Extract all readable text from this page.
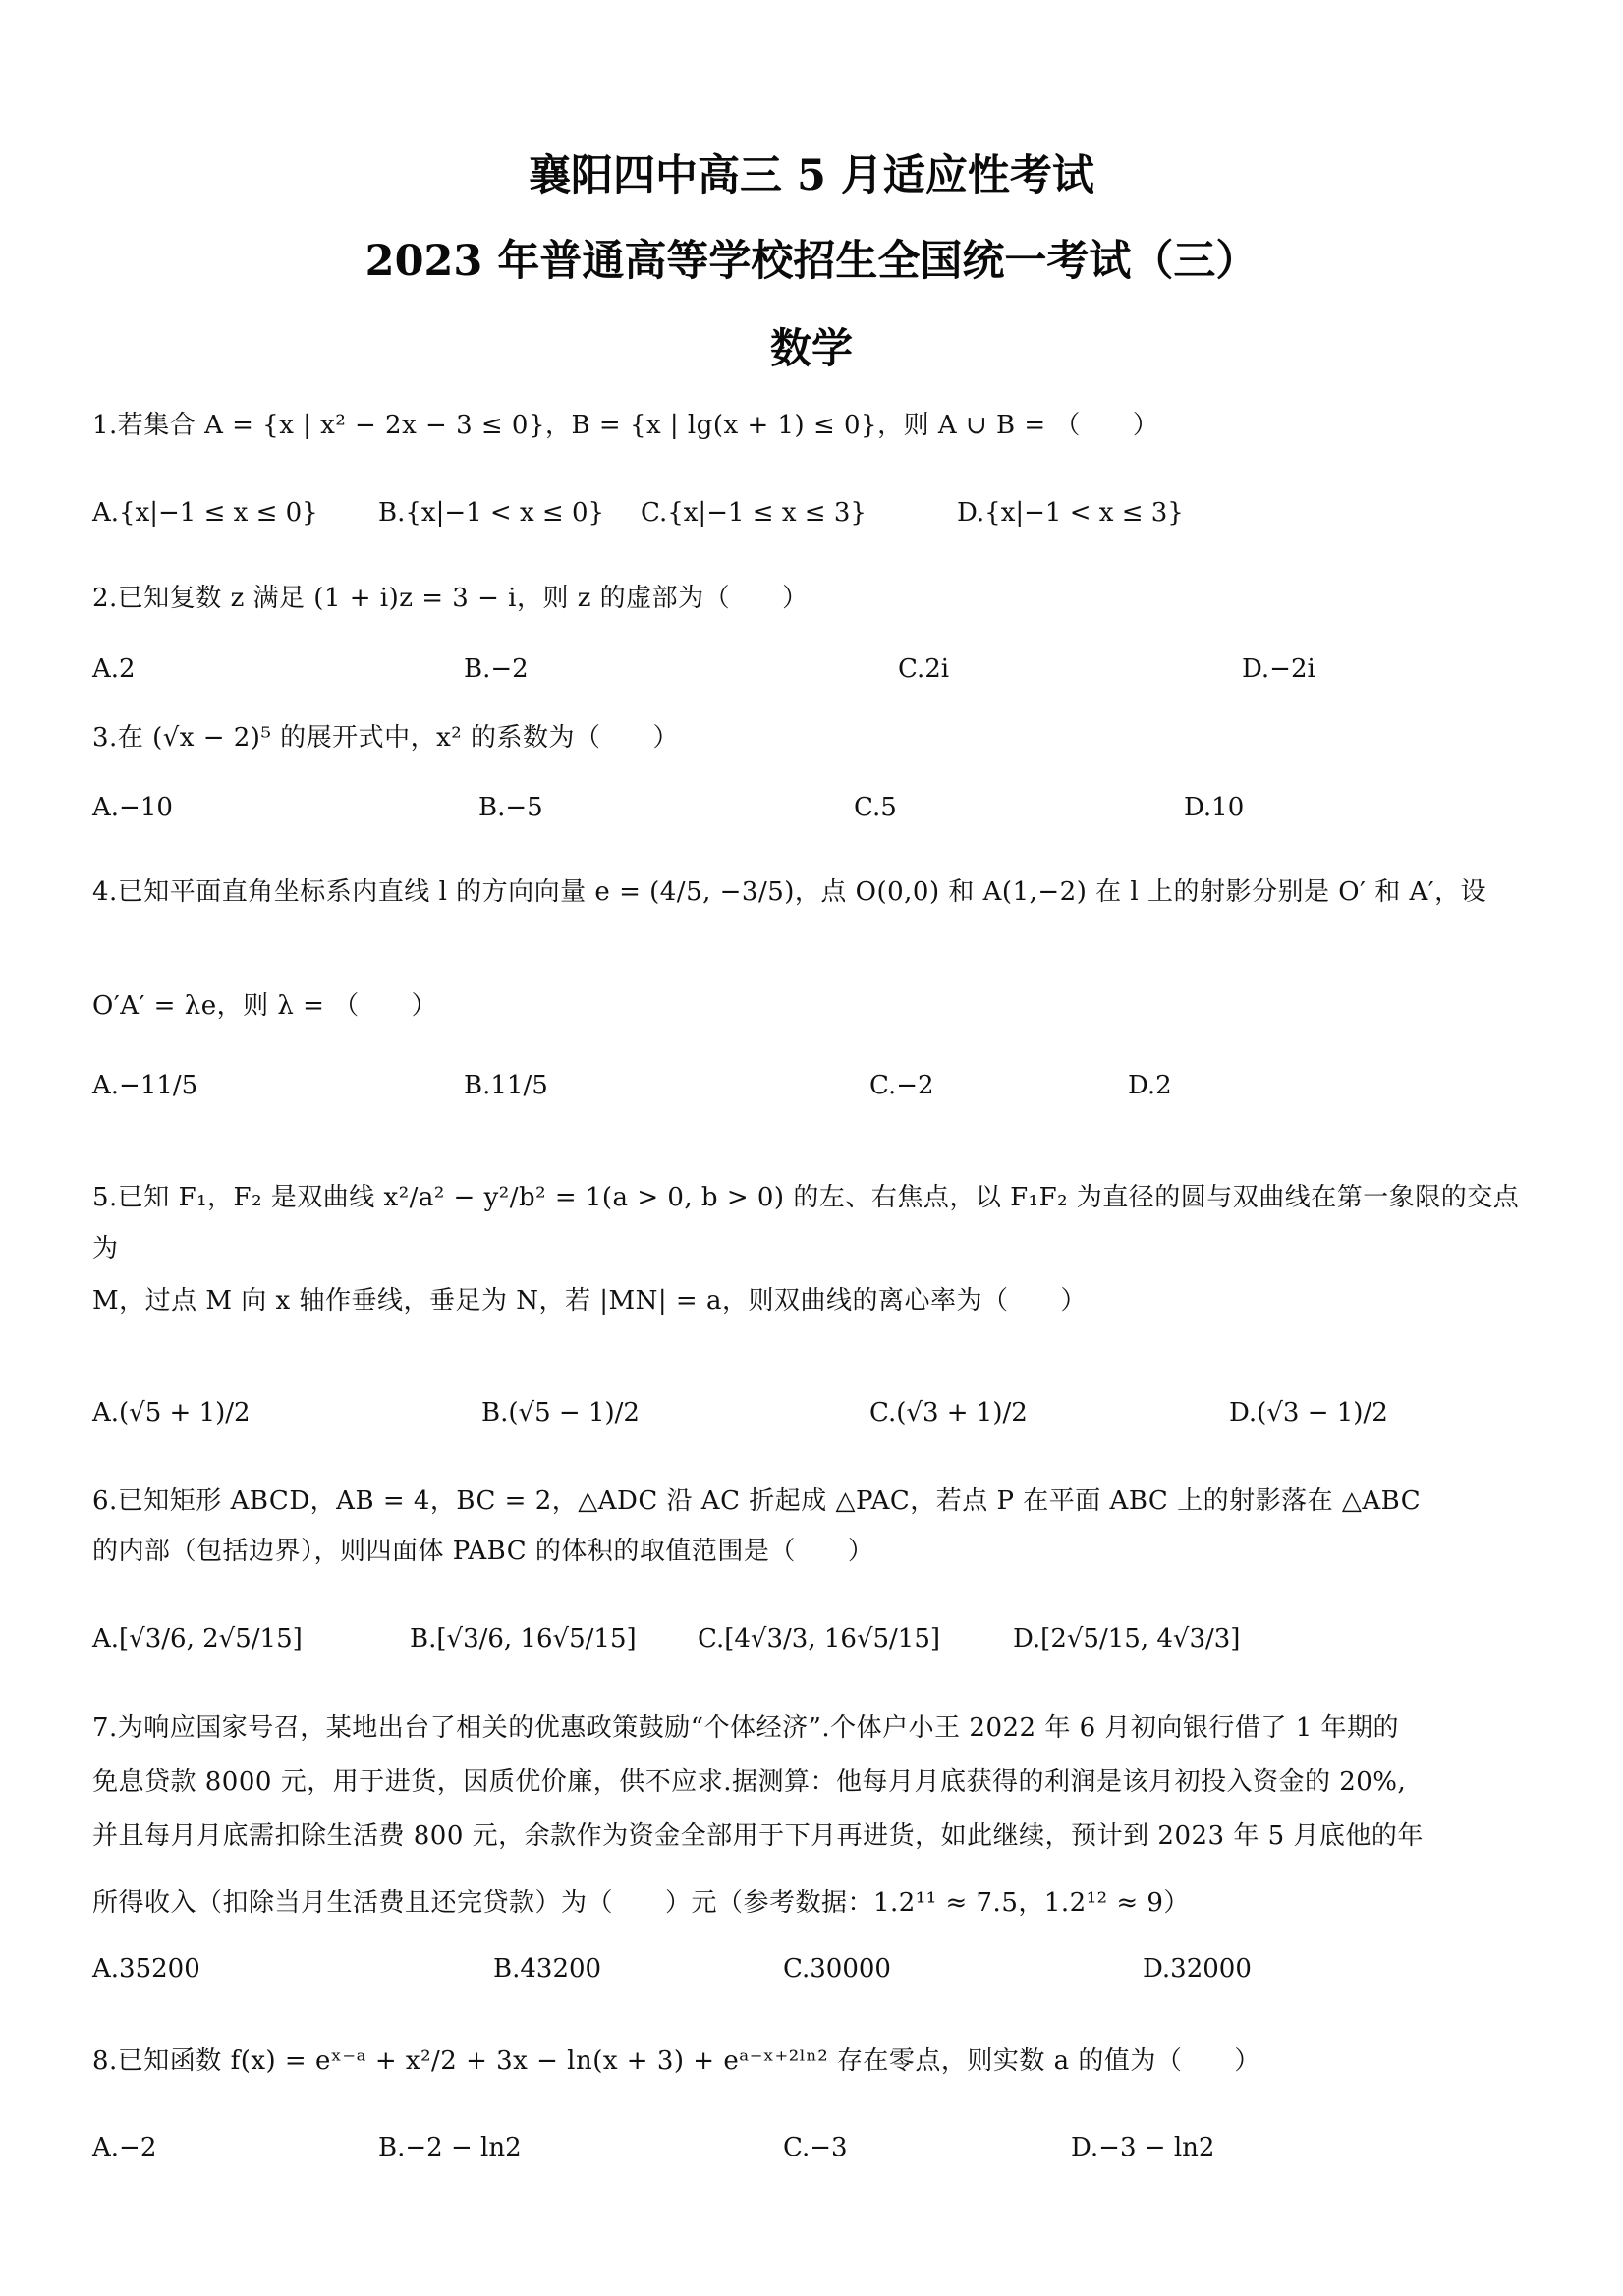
襄阳四中高三 5 月适应性考试
2023 年普通高等学校招生全国统一考试（三）
数学
1.若集合 A = {x | x² − 2x − 3 ≤ 0}，B = {x | lg(x + 1) ≤ 0}，则 A ∪ B = （　　）
A.{x|−1 ≤ x ≤ 0} B.{x|−1 < x ≤ 0} C.{x|−1 ≤ x ≤ 3}	D.{x|−1 < x ≤ 3}
2.已知复数 z 满足 (1 + i)z = 3 − i，则 z 的虚部为（　　）
A.2	B.−2	C.2i	D.−2i
3.在 (√x − 2)⁵ 的展开式中，x² 的系数为（　　）
A.−10	B.−5	C.5	D.10
4.已知平面直角坐标系内直线 l 的方向向量 e = (4/5, −3/5)，点 O(0,0) 和 A(1,−2) 在 l 上的射影分别是 O′ 和 A′，设
O′A′ = λe，则 λ = （　　）
A.−11/5	B.11/5	C.−2	D.2
5.已知 F₁，F₂ 是双曲线 x²/a² − y²/b² = 1(a > 0, b > 0) 的左、右焦点，以 F₁F₂ 为直径的圆与双曲线在第一象限的交点为
M，过点 M 向 x 轴作垂线，垂足为 N，若 |MN| = a，则双曲线的离心率为（　　）
A.(√5 + 1)/2	B.(√5 − 1)/2	C.(√3 + 1)/2	D.(√3 − 1)/2
6.已知矩形 ABCD，AB = 4，BC = 2，△ADC 沿 AC 折起成 △PAC，若点 P 在平面 ABC 上的射影落在 △ABC
的内部（包括边界），则四面体 PABC 的体积的取值范围是（　　）
A.[√3/6, 2√5/15]	B.[√3/6, 16√5/15] C.[4√3/3, 16√5/15]	D.[2√5/15, 4√3/3]
7.为响应国家号召，某地出台了相关的优惠政策鼓励“个体经济”.个体户小王 2022 年 6 月初向银行借了 1 年期的
免息贷款 8000 元，用于进货，因质优价廉，供不应求.据测算：他每月月底获得的利润是该月初投入资金的 20%,
并且每月月底需扣除生活费 800 元，余款作为资金全部用于下月再进货，如此继续，预计到 2023 年 5 月底他的年
所得收入（扣除当月生活费且还完贷款）为（　　）元（参考数据：1.2¹¹ ≈ 7.5，1.2¹² ≈ 9）
A.35200	B.43200	C.30000	D.32000
8.已知函数 f(x) = eˣ⁻ᵃ + x²/2 + 3x − ln(x + 3) + eᵃ⁻ˣ⁺²ˡⁿ² 存在零点，则实数 a 的值为（　　）
A.−2	B.−2 − ln2	C.−3	D.−3 − ln2
